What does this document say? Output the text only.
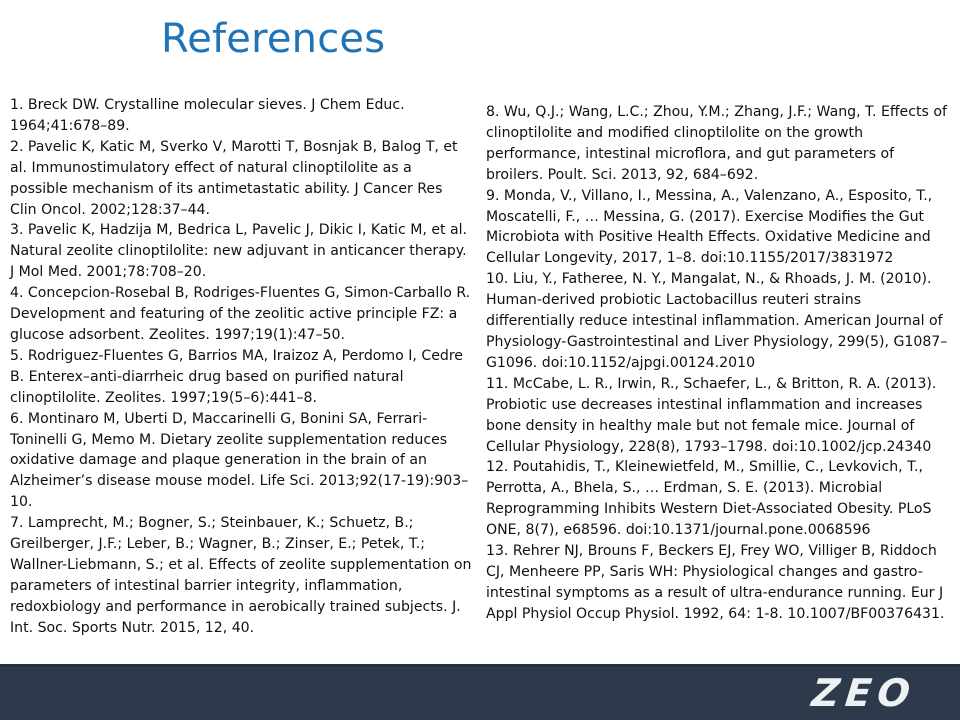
References
1. Breck DW. Crystalline molecular sieves. J Chem Educ. 1964;41:678–89.
2. Pavelic K, Katic M, Sverko V, Marotti T, Bosnjak B, Balog T, et al. Immunostimulatory effect of natural clinoptilolite as a possible mechanism of its antimetastatic ability. J Cancer Res Clin Oncol. 2002;128:37–44.
3. Pavelic K, Hadzija M, Bedrica L, Pavelic J, Dikic I, Katic M, et al. Natural zeolite clinoptilolite: new adjuvant in anticancer therapy. J Mol Med. 2001;78:708–20.
4. Concepcion-Rosebal B, Rodriges-Fluentes G, Simon-Carballo R. Development and featuring of the zeolitic active principle FZ: a glucose adsorbent. Zeolites. 1997;19(1):47–50.
5. Rodriguez-Fluentes G, Barrios MA, Iraizoz A, Perdomo I, Cedre B. Enterex–anti-diarrheic drug based on purified natural clinoptilolite. Zeolites. 1997;19(5–6):441–8.
6. Montinaro M, Uberti D, Maccarinelli G, Bonini SA, Ferrari-Toninelli G, Memo M. Dietary zeolite supplementation reduces oxidative damage and plaque generation in the brain of an Alzheimer’s disease mouse model. Life Sci. 2013;92(17-19):903–10.
7. Lamprecht, M.; Bogner, S.; Steinbauer, K.; Schuetz, B.; Greilberger, J.F.; Leber, B.; Wagner, B.; Zinser, E.; Petek, T.; Wallner-Liebmann, S.; et al. Effects of zeolite supplementation on parameters of intestinal barrier integrity, inflammation, redoxbiology and performance in aerobically trained subjects. J. Int. Soc. Sports Nutr. 2015, 12, 40.
8. Wu, Q.J.; Wang, L.C.; Zhou, Y.M.; Zhang, J.F.; Wang, T. Effects of clinoptilolite and modified clinoptilolite on the growth performance, intestinal microflora, and gut parameters of broilers. Poult. Sci. 2013, 92, 684–692.
9. Monda, V., Villano, I., Messina, A., Valenzano, A., Esposito, T., Moscatelli, F., … Messina, G. (2017). Exercise Modifies the Gut Microbiota with Positive Health Effects. Oxidative Medicine and Cellular Longevity, 2017, 1–8. doi:10.1155/2017/3831972
10. Liu, Y., Fatheree, N. Y., Mangalat, N., & Rhoads, J. M. (2010). Human-derived probiotic Lactobacillus reuteri strains differentially reduce intestinal inflammation. American Journal of Physiology-Gastrointestinal and Liver Physiology, 299(5), G1087–G1096. doi:10.1152/ajpgi.00124.2010
11. McCabe, L. R., Irwin, R., Schaefer, L., & Britton, R. A. (2013). Probiotic use decreases intestinal inflammation and increases bone density in healthy male but not female mice. Journal of Cellular Physiology, 228(8), 1793–1798. doi:10.1002/jcp.24340
12. Poutahidis, T., Kleinewietfeld, M., Smillie, C., Levkovich, T., Perrotta, A., Bhela, S., … Erdman, S. E. (2013). Microbial Reprogramming Inhibits Western Diet-Associated Obesity. PLoS ONE, 8(7), e68596. doi:10.1371/journal.pone.0068596
13. Rehrer NJ, Brouns F, Beckers EJ, Frey WO, Villiger B, Riddoch CJ, Menheere PP, Saris WH: Physiological changes and gastro-intestinal symptoms as a result of ultra-endurance running. Eur J Appl Physiol Occup Physiol. 1992, 64: 1-8. 10.1007/BF00376431.
ZEO
